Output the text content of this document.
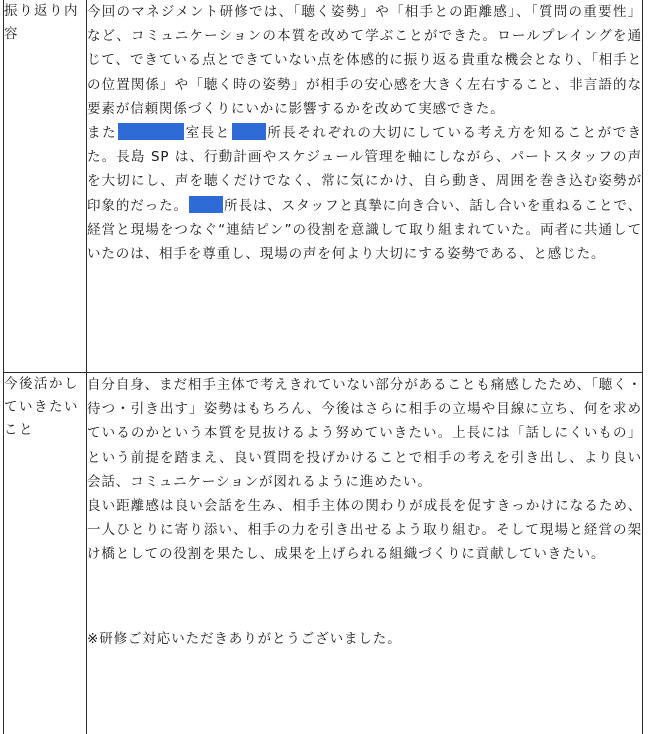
振り返り内容	今回のマネジメント研修では、「聴く姿勢」や「相手との距離感」、「質問の重要性」など、コミュニケーションの本質を改めて学ぶことができた。ロールプレイングを通じて、できている点とできていない点を体感的に振り返る貴重な機会となり、「相手との位置関係」や「聴く時の姿勢」が相手の安心感を大きく左右すること、非言語的な要素が信頼関係づくりにいかに影響するかを改めて実感できた。

また 室長と 所長それぞれの大切にしている考え方を知ることができた。長島 SP は、行動計画やスケジュール管理を軸にしながら、パートスタッフの声を大切にし、声を聴くだけでなく、常に気にかけ、自ら動き、周囲を巻き込む姿勢が印象的だった。 所長は、スタッフと真摯に向き合い、話し合いを重ねることで、経営と現場をつなぐ“連結ピン”の役割を意識して取り組まれていた。両者に共通していたのは、相手を尊重し、現場の声を何より大切にする姿勢である、と感じた。

今後活かしていきたいこと	自分自身、まだ相手主体で考えきれていない部分があることも痛感したため、「聴く・待つ・引き出す」姿勢はもちろん、今後はさらに相手の立場や目線に立ち、何を求めているのかという本質を見抜けるよう努めていきたい。上長には「話しにくいもの」という前提を踏まえ、良い質問を投げかけることで相手の考えを引き出し、より良い会話、コミュニケーションが図れるように進めたい。

良い距離感は良い会話を生み、相手主体の関わりが成長を促すきっかけになるため、一人ひとりに寄り添い、相手の力を引き出せるよう取り組む。そして現場と経営の架け橋としての役割を果たし、成果を上げられる組織づくりに貢献していきたい。

※研修ご対応いただきありがとうございました。
